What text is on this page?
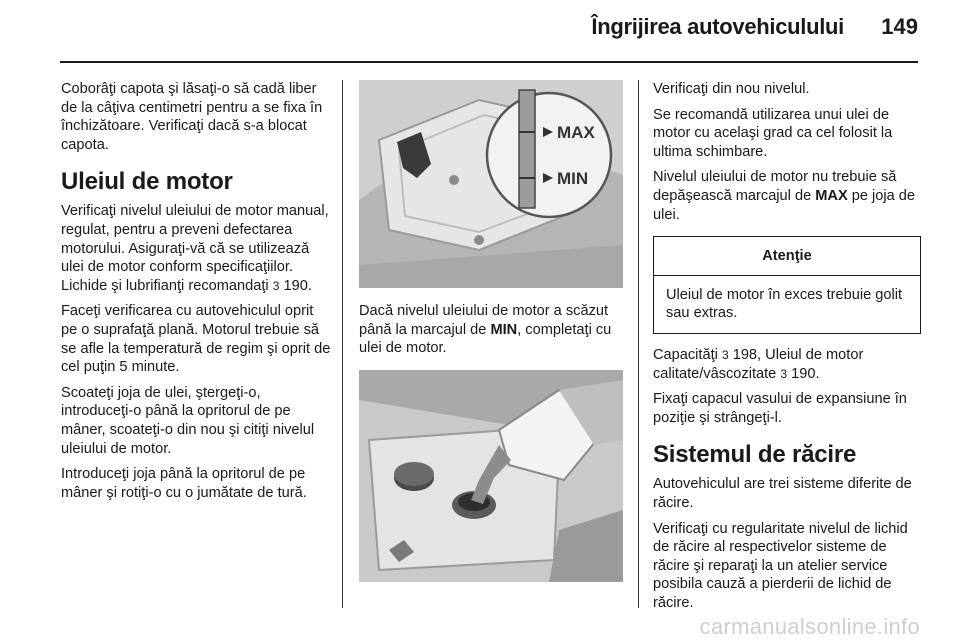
Îngrijirea autovehiculului 149

Coborâţi capota şi lăsaţi-o să cadă liber de la câţiva centimetri pentru a se fixa în închizătoare. Verificaţi dacă s-a blocat capota.

Uleiul de motor

Verificaţi nivelul uleiului de motor manual, regulat, pentru a preveni defectarea motorului. Asiguraţi-vă că se utilizează ulei de motor conform specificaţiilor. Lichide şi lubrifianţi recomandaţi 3 190.

Faceţi verificarea cu autovehiculul oprit pe o suprafaţă plană. Motorul trebuie să se afle la temperatură de regim şi oprit de cel puţin 5 minute.

Scoateţi joja de ulei, ştergeţi-o, introduceţi-o până la opritorul de pe mâner, scoateţi-o din nou şi citiţi nivelul uleiului de motor.

Introduceţi joja până la opritorul de pe mâner şi rotiţi-o cu o jumătate de tură.

MAX
MIN

Dacă nivelul uleiului de motor a scăzut până la marcajul de MIN, completaţi cu ulei de motor.

Verificaţi din nou nivelul.

Se recomandă utilizarea unui ulei de motor cu acelaşi grad ca cel folosit la ultima schimbare.

Nivelul uleiului de motor nu trebuie să depăşească marcajul de MAX pe joja de ulei.

Atenţie
Uleiul de motor în exces trebuie golit sau extras.

Capacităţi 3 198, Uleiul de motor calitate/vâscozitate 3 190.

Fixaţi capacul vasului de expansiune în poziţie şi strângeţi-l.

Sistemul de răcire

Autovehiculul are trei sisteme diferite de răcire.

Verificaţi cu regularitate nivelul de lichid de răcire al respectivelor sisteme de răcire şi reparaţi la un atelier service posibila cauză a pierderii de lichid de răcire.

carmanualsonline.info
